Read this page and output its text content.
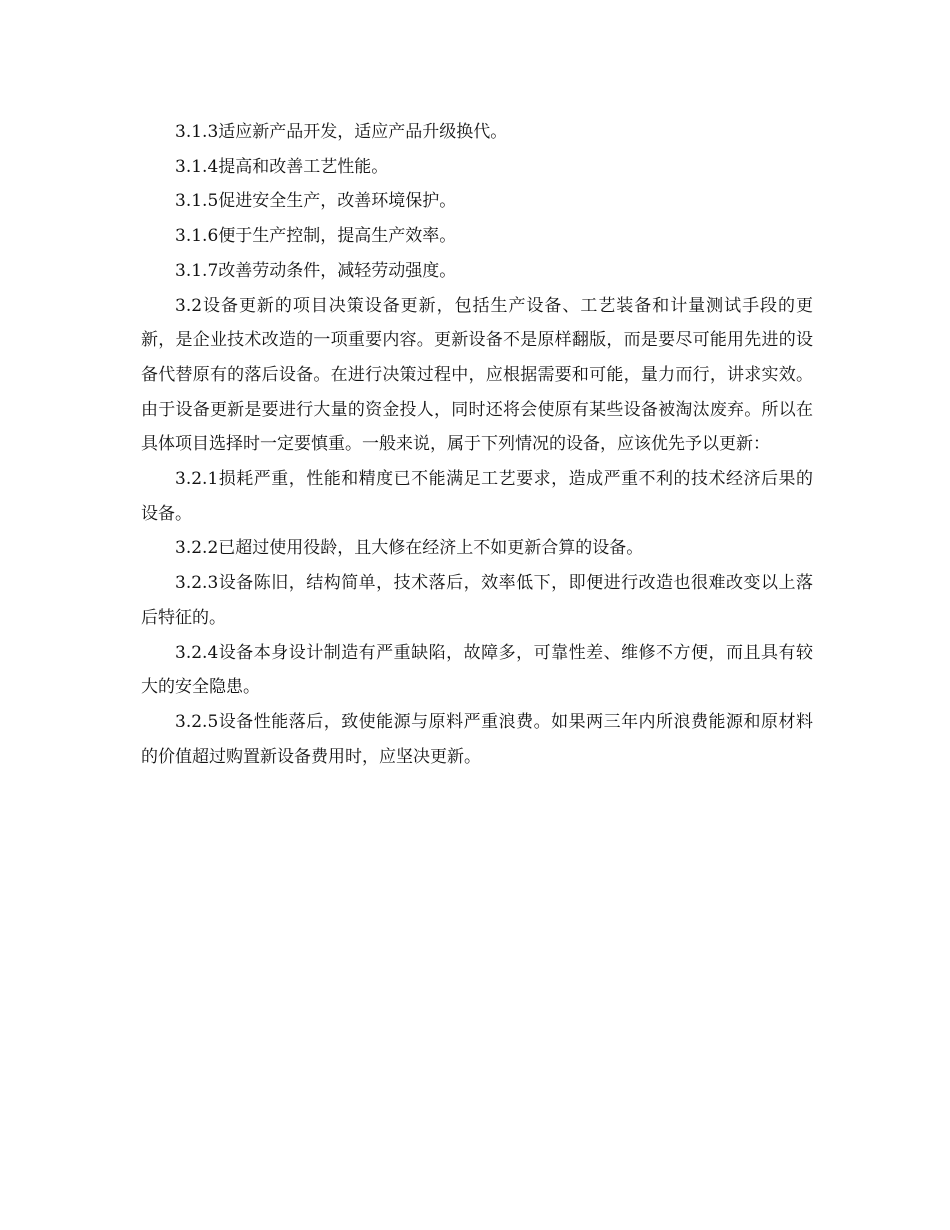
3.1.3适应新产品开发，适应产品升级换代。

3.1.4提高和改善工艺性能。

3.1.5促进安全生产，改善环境保护。

3.1.6便于生产控制，提高生产效率。

3.1.7改善劳动条件，减轻劳动强度。

3.2设备更新的项目决策设备更新，包括生产设备、工艺装备和计量测试手段的更新，是企业技术改造的一项重要内容。更新设备不是原样翻版，而是要尽可能用先进的设备代替原有的落后设备。在进行决策过程中，应根据需要和可能，量力而行，讲求实效。由于设备更新是要进行大量的资金投人，同时还将会使原有某些设备被淘汰废弃。所以在具体项目选择时一定要慎重。一般来说，属于下列情况的设备，应该优先予以更新：

3.2.1损耗严重，性能和精度已不能满足工艺要求，造成严重不利的技术经济后果的设备。

3.2.2已超过使用役龄，且大修在经济上不如更新合算的设备。

3.2.3设备陈旧，结构简单，技术落后，效率低下，即便进行改造也很难改变以上落后特征的。

3.2.4设备本身设计制造有严重缺陷，故障多，可靠性差、维修不方便，而且具有较大的安全隐患。

3.2.5设备性能落后，致使能源与原料严重浪费。如果两三年内所浪费能源和原材料的价值超过购置新设备费用时，应坚决更新。
